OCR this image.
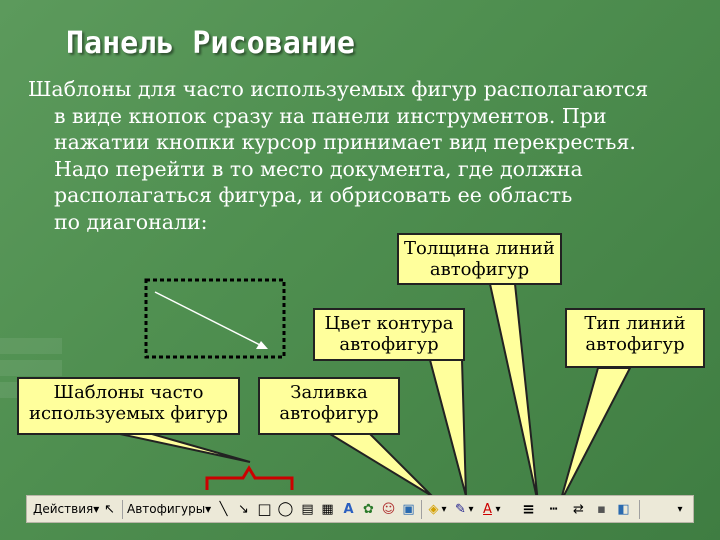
Панель Рисование
Шаблоны для часто используемых фигур располагаются
в виде кнопок сразу на панели инструментов. При
нажатии кнопки курсор принимает вид перекрестья.
Надо перейти в то место документа, где должна
располагаться фигура, и обрисовать ее область
по диагонали:
Толщина линий
автофигур
Цвет контура
автофигур
Тип линий
автофигур
Шаблоны часто
используемых фигур
Заливка
автофигур
Действия▾ ↖ Автофигуры▾ ╲ ↘ □ ◯ ▤ ▦ A ✿ ☺ ▣ ◈ ▾ ✎ ▾ A ▾ ≡	┅	⇄	▪ ◧	▾
